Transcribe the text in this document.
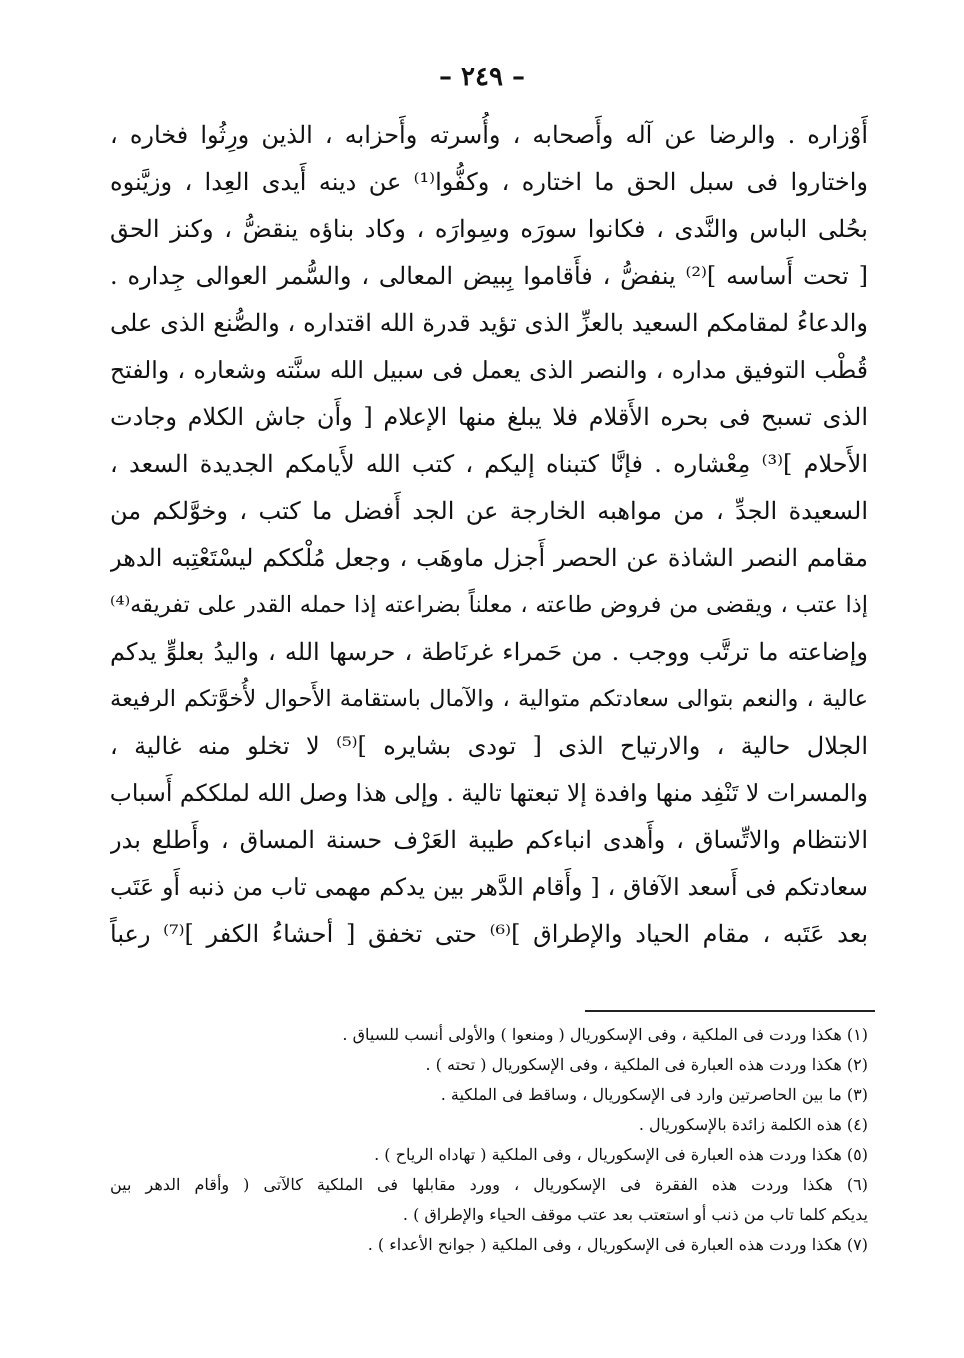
– ٢٤٩ –
أَوْزاره . والرضا عن آله وأَصحابه ، وأُسرته وأَحزابه ، الذين ورِثُوا فخاره ،
واختاروا فى سبل الحق ما اختاره ، وكفُّوا⁽¹⁾ عن دينه أَيدى العِدا ، وزيَّنوه
بحُلى الباس والنَّدى ، فكانوا سورَه وسِوارَه ، وكاد بناؤه ينقضُّ ، وكنز الحق
[ تحت أَساسه ]⁽²⁾ ينفضُّ ، فأَقاموا بِبيض المعالى ، والسُّمر العوالى جِداره .
والدعاءُ لمقامكم السعيد بالعزِّ الذى تؤيد قدرة الله اقتداره ، والصُّنع الذى على
قُطْب التوفيق مداره ، والنصر الذى يعمل فى سبيل الله سنَّته وشعاره ، والفتح
الذى تسبح فى بحره الأَقلام فلا يبلغ منها الإعلام [ وأَن جاش الكلام وجادت
الأَحلام ]⁽³⁾ مِعْشاره . فإنَّا كتبناه إليكم ، كتب الله لأَيامكم الجديدة السعد ،
السعيدة الجدِّ ، من مواهبه الخارجة عن الجد أَفضل ما كتب ، وخوَّلكم من
مقامم النصر الشاذة عن الحصر أَجزل ماوهَب ، وجعل مُلْككم ليسْتَعْتِبه الدهر
إذا عتب ، ويقضى من فروض طاعته ، معلناً بضراعته إذا حمله القدر على تفريقه⁽⁴⁾
وإضاعته ما ترتَّب ووجب . من حَمراء غرنَاطة ، حرسها الله ، واليدُ بعلوٍّ يدكم
عالية ، والنعم بتوالى سعادتكم متوالية ، والآمال باستقامة الأَحوال لأُخوَّتكم الرفيعة
الجلال حالية ، والارتياح الذى [ تودى بشايره ]⁽⁵⁾ لا تخلو منه غالية ،
والمسرات لا تَنْفِد منها وافدة إلا تبعتها تالية . وإلى هذا وصل الله لملككم أَسباب
الانتظام والاتِّساق ، وأَهدى انباءكم طيبة العَرْف حسنة المساق ، وأَطلع بدر
سعادتكم فى أَسعد الآفاق ، [ وأَقام الدَّهر بين يدكم مهمى تاب من ذنبه أَو عَتَب
بعد عَتَبه ، مقام الحياد والإطراق ]⁽⁶⁾ حتى تخفق [ أحشاءُ الكفر ]⁽⁷⁾ رعباً
(١) هكذا وردت فى الملكية ، وفى الإسكوريال ( ومنعوا ) والأولى أنسب للسياق .
(٢) هكذا وردت هذه العبارة فى الملكية ، وفى الإسكوريال ( تحته ) .
(٣) ما بين الحاصرتين وارد فى الإسكوريال ، وساقط فى الملكية .
(٤) هذه الكلمة زائدة بالإسكوريال .
(٥) هكذا وردت هذه العبارة فى الإسكوريال ، وفى الملكية ( تهاداه الرياح ) .
(٦) هكذا وردت هذه الفقرة فى الإسكوريال ، وورد مقابلها فى الملكية كالآتى ( وأقام الدهر بين
يديكم كلما تاب من ذنب أو استعتب بعد عتب موقف الحياء والإطراق ) .
(٧) هكذا وردت هذه العبارة فى الإسكوريال ، وفى الملكية ( جوانح الأعداء ) .
